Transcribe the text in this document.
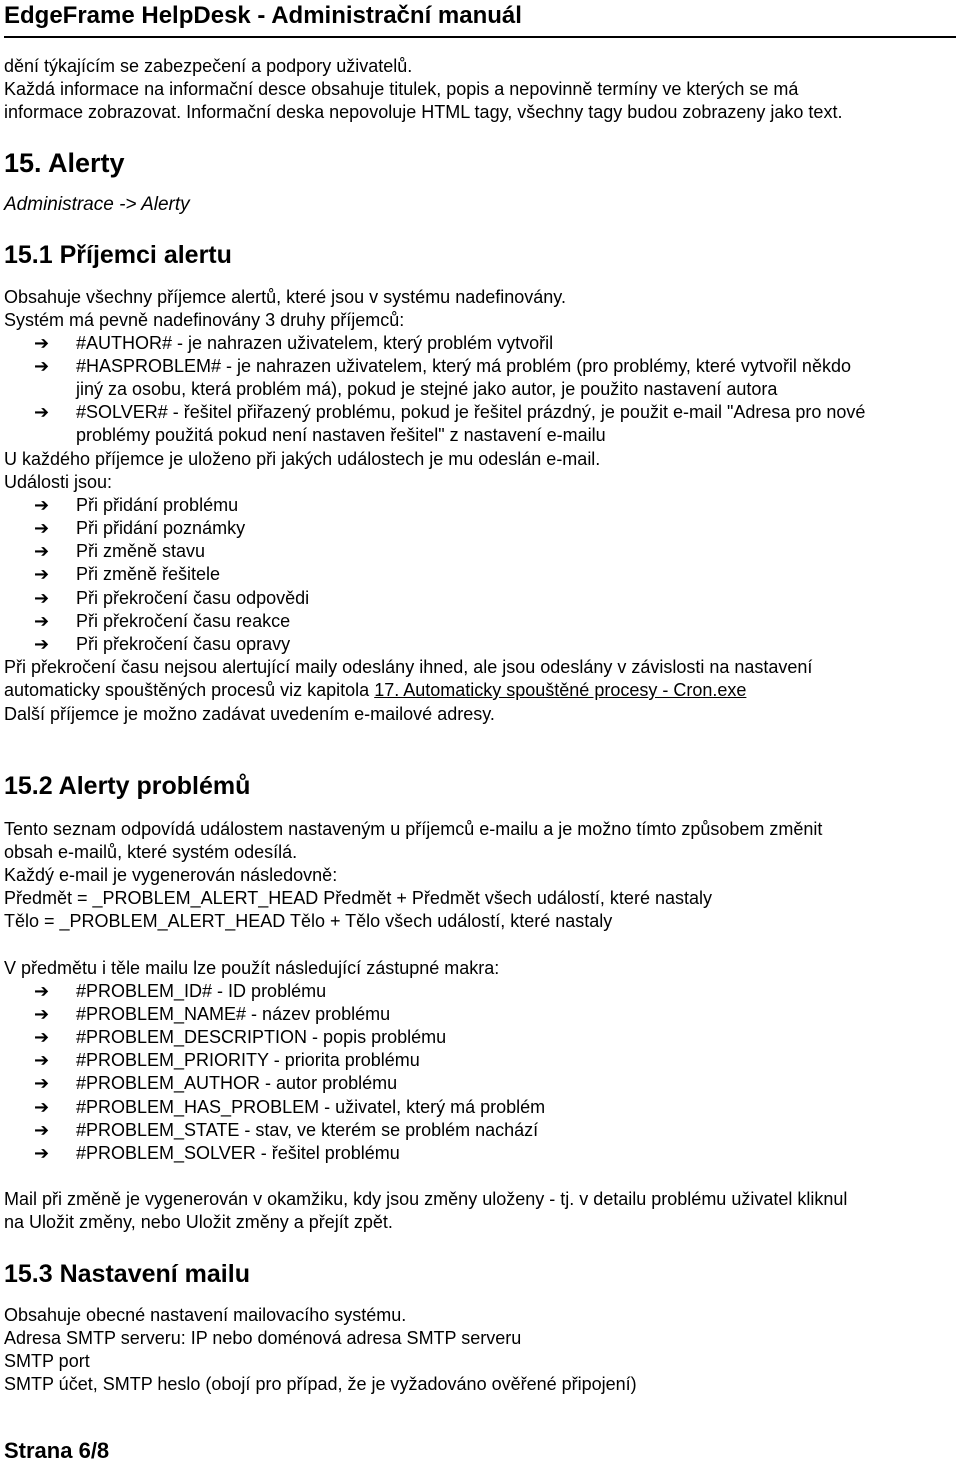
EdgeFrame HelpDesk - Administrační manuál
dění týkajícím se zabezpečení a podpory uživatelů.
Každá informace na informační desce obsahuje titulek, popis a nepovinně termíny ve kterých se má
informace zobrazovat. Informační deska nepovoluje HTML tagy, všechny tagy budou zobrazeny jako text.
15. Alerty
Administrace -> Alerty
15.1 Příjemci alertu
Obsahuje všechny příjemce alertů, které jsou v systému nadefinovány.
Systém má pevně nadefinovány 3 druhy příjemců:
➔ #AUTHOR# - je nahrazen uživatelem, který problém vytvořil
➔ #HASPROBLEM# - je nahrazen uživatelem, který má problém (pro problémy, které vytvořil někdo
jiný za osobu, která problém má), pokud je stejné jako autor, je použito nastavení autora
➔ #SOLVER# - řešitel přiřazený problému, pokud je řešitel prázdný, je použit e-mail "Adresa pro nové
problémy použitá pokud není nastaven řešitel" z nastavení e-mailu
U každého příjemce je uloženo při jakých událostech je mu odeslán e-mail.
Události jsou:
➔ Při přidání problému
➔ Při přidání poznámky
➔ Při změně stavu
➔ Při změně řešitele
➔ Při překročení času odpovědi
➔ Při překročení času reakce
➔ Při překročení času opravy
Při překročení času nejsou alertující maily odeslány ihned, ale jsou odeslány v závislosti na nastavení
automaticky spouštěných procesů viz kapitola 17. Automaticky spouštěné procesy - Cron.exe
Další příjemce je možno zadávat uvedením e-mailové adresy.
15.2 Alerty problémů
Tento seznam odpovídá událostem nastaveným u příjemců e-mailu a je možno tímto způsobem změnit
obsah e-mailů, které systém odesílá.
Každý e-mail je vygenerován následovně:
Předmět = _PROBLEM_ALERT_HEAD Předmět + Předmět všech událostí, které nastaly
Tělo = _PROBLEM_ALERT_HEAD Tělo + Tělo všech událostí, které nastaly
V předmětu i těle mailu lze použít následující zástupné makra:
➔ #PROBLEM_ID# - ID problému
➔ #PROBLEM_NAME# - název problému
➔ #PROBLEM_DESCRIPTION - popis problému
➔ #PROBLEM_PRIORITY - priorita problému
➔ #PROBLEM_AUTHOR - autor problému
➔ #PROBLEM_HAS_PROBLEM - uživatel, který má problém
➔ #PROBLEM_STATE - stav, ve kterém se problém nachází
➔ #PROBLEM_SOLVER - řešitel problému
Mail při změně je vygenerován v okamžiku, kdy jsou změny uloženy - tj. v detailu problému uživatel kliknul
na Uložit změny, nebo Uložit změny a přejít zpět.
15.3 Nastavení mailu
Obsahuje obecné nastavení mailovacího systému.
Adresa SMTP serveru: IP nebo doménová adresa SMTP serveru
SMTP port
SMTP účet, SMTP heslo (obojí pro případ, že je vyžadováno ověřené připojení)
Strana 6/8
